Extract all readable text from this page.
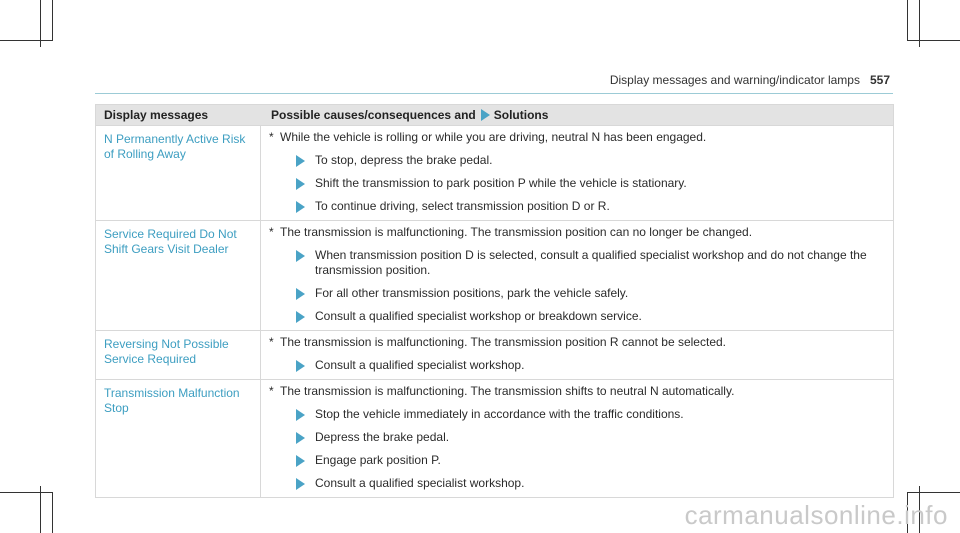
Display messages and warning/indicator lamps 557
Display messages	Possible causes/consequences and Solutions
N Permanently Active Risk of Rolling Away
* While the vehicle is rolling or while you are driving, neutral N has been engaged.
To stop, depress the brake pedal.
Shift the transmission to park position P while the vehicle is stationary.
To continue driving, select transmission position D or R.
Service Required Do Not Shift Gears Visit Dealer
* The transmission is malfunctioning. The transmission position can no longer be changed.
When transmission position D is selected, consult a qualified specialist workshop and do not change the transmission position.
For all other transmission positions, park the vehicle safely.
Consult a qualified specialist workshop or breakdown service.
Reversing Not Possible Service Required
* The transmission is malfunctioning. The transmission position R cannot be selected.
Consult a qualified specialist workshop.
Transmission Malfunction Stop
* The transmission is malfunctioning. The transmission shifts to neutral N automatically.
Stop the vehicle immediately in accordance with the traffic conditions.
Depress the brake pedal.
Engage park position P.
Consult a qualified specialist workshop.
carmanualsonline.info
